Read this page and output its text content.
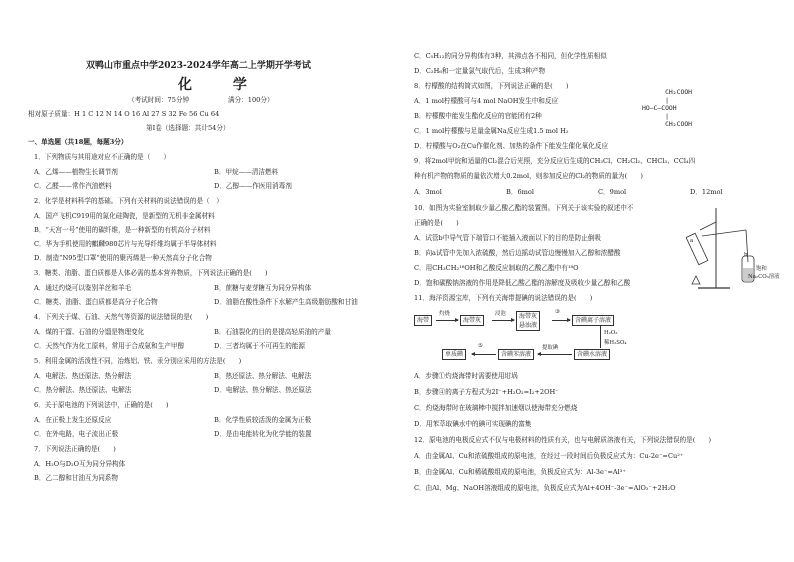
双鸭山市重点中学2023-2024学年高二上学期开学考试
化 学
（考试时间：75分钟	满分：100分）
相对原子质量：H 1 C 12 N 14 O 16 Al 27 S 32 Fe 56 Cu 64
第Ⅰ卷（选择题：共计54分）
一、单选题（共18题，每题3分）
1．下列物质与其用途对应不正确的是（　　）
A．乙烯——植物生长调节剂	B．甲烷——清洁燃料
C．乙醛——常作汽油燃料	D．乙醇——作医用消毒剂
2．化学是材料科学的基础。下列有关材料的说法错误的是（　）
A．国产飞机C919用的氮化硅陶瓷，是新型的无机非金属材料
B．“天宫一号”使用的碳纤维，是一种新型的有机高分子材料
C．华为手机使用的麒麟980芯片与光导纤维均属于半导体材料
D．制造“N95型口罩”使用的聚丙烯是一种天然高分子化合物
3．糖类、油脂、蛋白质都是人体必需的基本营养物质，下列说法正确的是(　　)
A．通过灼烧可以鉴别羊丝和羊毛	B．蔗糖与麦芽糖互为同分异构体
C．糖类、油脂、蛋白质都是高分子化合物	D．油脂在酸性条件下水解产生高级脂肪酸和甘油
4．下列关于煤、石油、天然气等资源的说法错误的是(　　)
A．煤的干馏、石油的分馏是物理变化	B．石油裂化的目的是提高轻质油的产量
C．天然气作为化工原料，常用于合成氨和生产甲醇	D．三者均属于不可再生的能源
5．利用金属的活泼性不同，冶炼铝、铁、汞分别应采用的方法是(　　)
A．电解法、热还原法、热分解法	B．热还原法、热分解法、电解法
C．热分解法、热还原法、电解法	D．电解法、热分解法、热还原法
6．关于原电池的下列说法中，正确的是(　　)
A．在正极上发生还原反应	B．化学性质较活泼的金属为正极
C．在外电路，电子流出正极	D．是由电能转化为化学能的装置
7．下列说法正确的是(　　)
A．H₂O与D₂O互为同分异构体
B．乙二醇和甘油互为同系物
C．C₅H₁₂的同分异构体有3种，其沸点各不相同，但化学性质相似
D．C₂H₆和一定量氯气取代后，生成3种产物
8．柠檬酸的结构简式如图，下列说法正确的是(　　)
A．1 mol柠檬酸可与4 mol NaOH发生中和反应
B．柠檬酸中能发生酯化反应的官能团有2种
C．1 mol柠檬酸与足量金属Na反应生成1.5 mol H₂
D．柠檬酸与O₂在Cu作催化剂、加热的条件下能发生催化氧化反应
CH₂COOH
|
HO—C—COOH
|
CH₂COOH
9．将2mol甲烷和适量的Cl₂混合后光照，充分反应后生成的CH₃Cl、CH₂Cl₂、CHCl₃、CCl₄四
种有机产物的物质的量依次增大0.2mol，则参加反应的Cl₂的物质的量为(　　)
A．3mol	B．6mol	C．9mol	D．12mol
10．如图为实验室制取少量乙酸乙酯的装置图。下列关于该实验的叙述中不
正确的是(　　)
A．试管b中导气管下端管口不能插入液面以下的目的是防止倒吸
B．向a试管中先加入浓硫酸，然后边摇动试管边慢慢加入乙醇和浓醋酸
C．用CH₃CH₂¹⁸OH和乙酸反应制取的乙酸乙酯中有¹⁸O
D．饱和碳酸钠溶液的作用是降低乙酸乙酯的溶解度及吸收少量乙醇和乙酸
a
b
饱和
Na₂CO₃溶液
11．海洋资源宝库，下列有关海带提碘的说法错误的是(　　)
海带
灼烧
海带灰
浸泡	海带灰
悬浊液
③
含碘离子溶液
H₂O₂
稀H₂SO₄
含碘水溶液
提取碘
含碘苯溶液
⑤
单质碘
A．步骤①灼烧海带时需要使用坩埚
B．步骤④的离子方程式为2I⁻+H₂O₂=I₂+2OH⁻
C．灼烧海带时在玻璃棒中搅拌加速烟以使海带充分燃烧
D．用苯萃取碘水中的碘可实现碘的富集
12．原电池的电极反应式不仅与电极材料的性质有关，也与电解质溶液有关，下列说法错误的是(　　)
A．由金属Al、Cu和浓硫酸组成的原电池，在经过一段时间后负极反应式为：Cu-2e⁻=Cu²⁺
B．由金属Al、Cu和稀硫酸组成的原电池，负极反应式为：Al-3e⁻=Al³⁺
C．由Al、Mg、NaOH溶液组成的原电池，负极反应式为Al+4OH⁻-3e⁻=AlO₂⁻+2H₂O
